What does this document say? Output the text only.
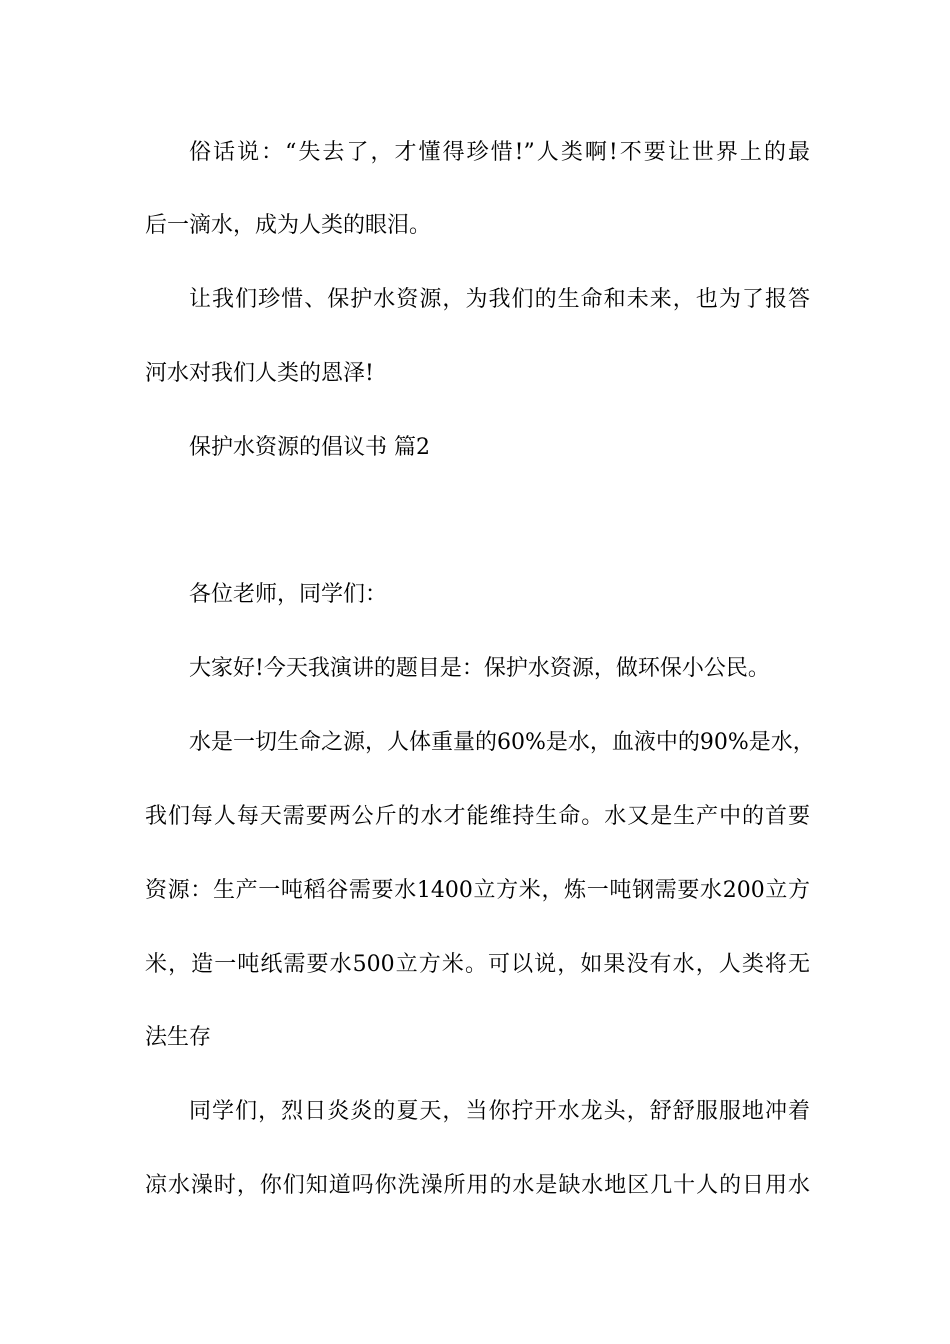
俗话说：“失去了，才懂得珍惜!”人类啊!不要让世界上的最
后一滴水，成为人类的眼泪。
让我们珍惜、保护水资源，为我们的生命和未来，也为了报答
河水对我们人类的恩泽!
保护水资源的倡议书 篇2
各位老师，同学们：
大家好!今天我演讲的题目是：保护水资源，做环保小公民。
水是一切生命之源，人体重量的60%是水，血液中的90%是水，
我们每人每天需要两公斤的水才能维持生命。水又是生产中的首要
资源：生产一吨稻谷需要水1400立方米，炼一吨钢需要水200立方
米，造一吨纸需要水500立方米。可以说，如果没有水，人类将无
法生存
同学们，烈日炎炎的夏天，当你拧开水龙头，舒舒服服地冲着
凉水澡时，你们知道吗你洗澡所用的水是缺水地区几十人的日用水
